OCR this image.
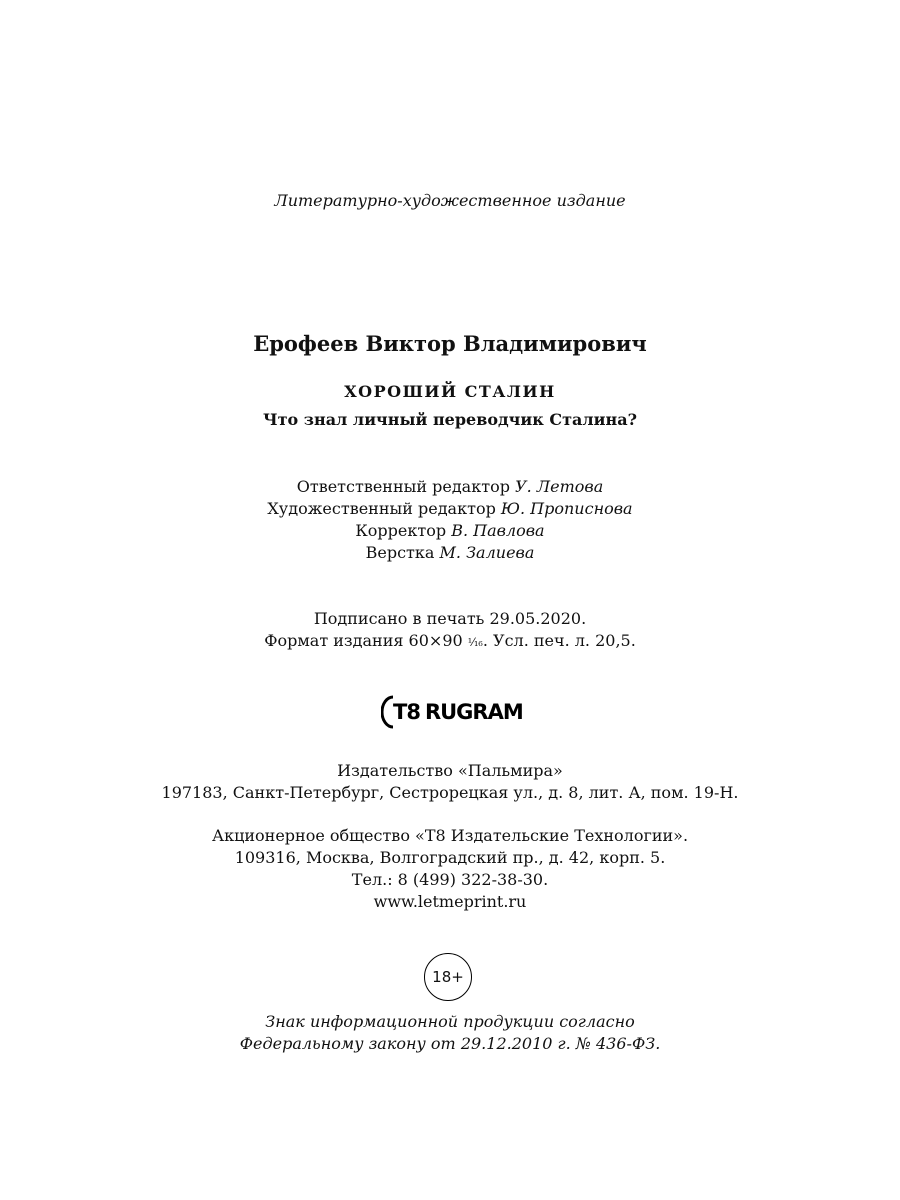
Литературно-художественное издание
Ерофеев Виктор Владимирович
ХОРОШИЙ СТАЛИН
Что знал личный переводчик Сталина?
Ответственный редактор У. Летова
Художественный редактор Ю. Прописнова
Корректор В. Павлова
Верстка М. Залиева
Подписано в печать 29.05.2020.
Формат издания 60×90 ¹⁄₁₆. Усл. печ. л. 20,5.
T8 RUGRAM
Издательство «Пальмира»
197183, Санкт-Петербург, Сестрорецкая ул., д. 8, лит. А, пом. 19-Н.
Акционерное общество «T8 Издательские Технологии».
109316, Москва, Волгоградский пр., д. 42, корп. 5.
Тел.: 8 (499) 322-38-30.
www.letmeprint.ru
18+
Знак информационной продукции согласно
Федеральному закону от 29.12.2010 г. № 436-ФЗ.
